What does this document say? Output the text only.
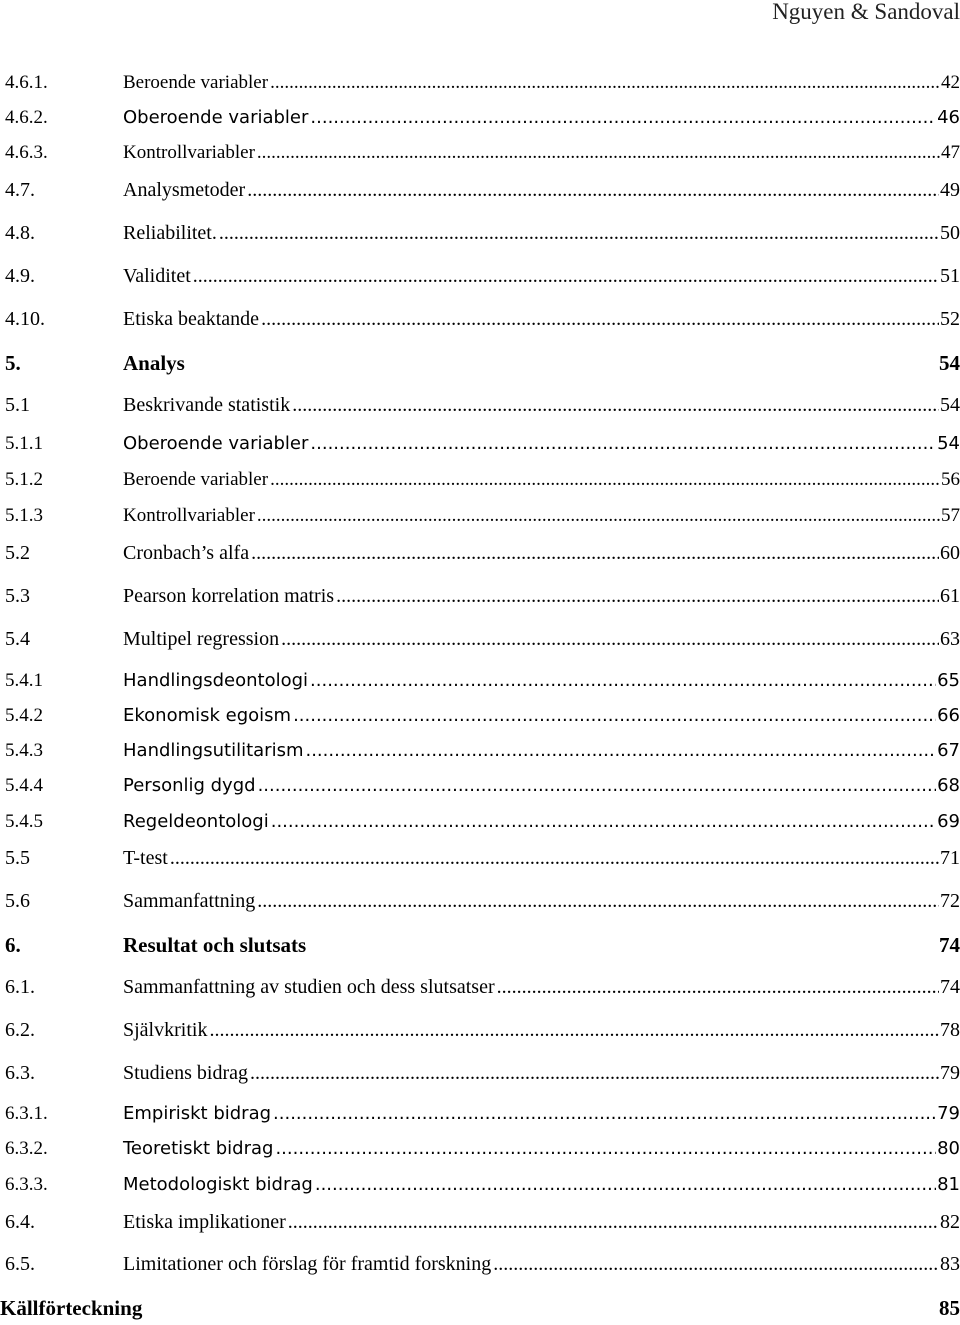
Nguyen & Sandoval
4.6.1.	Beroende variabler .....	42
4.6.2.	Oberoende variabler .....	46
4.6.3.	Kontrollvariabler .....	47
4.7.	Analysmetoder .....	49
4.8.	Reliabilitet. .....	50
4.9.	Validitet .....	51
4.10.	Etiska beaktande .....	52
5.	Analys	54
5.1	Beskrivande statistik .....	54
5.1.1	Oberoende variabler .....	54
5.1.2	Beroende variabler .....	56
5.1.3	Kontrollvariabler .....	57
5.2	Cronbach’s alfa .....	60
5.3	Pearson korrelation matris .....	61
5.4	Multipel regression .....	63
5.4.1	Handlingsdeontologi .....	65
5.4.2	Ekonomisk egoism .....	66
5.4.3	Handlingsutilitarism .....	67
5.4.4	Personlig dygd .....	68
5.4.5	Regeldeontologi .....	69
5.5	T-test .....	71
5.6	Sammanfattning .....	72
6.	Resultat och slutsats	74
6.1.	Sammanfattning av studien och dess slutsatser .....	74
6.2.	Självkritik .....	78
6.3.	Studiens bidrag .....	79
6.3.1.	Empiriskt bidrag .....	79
6.3.2.	Teoretiskt bidrag .....	80
6.3.3.	Metodologiskt bidrag .....	81
6.4.	Etiska implikationer .....	82
6.5.	Limitationer och förslag för framtid forskning .....	83
Källförteckning	85
